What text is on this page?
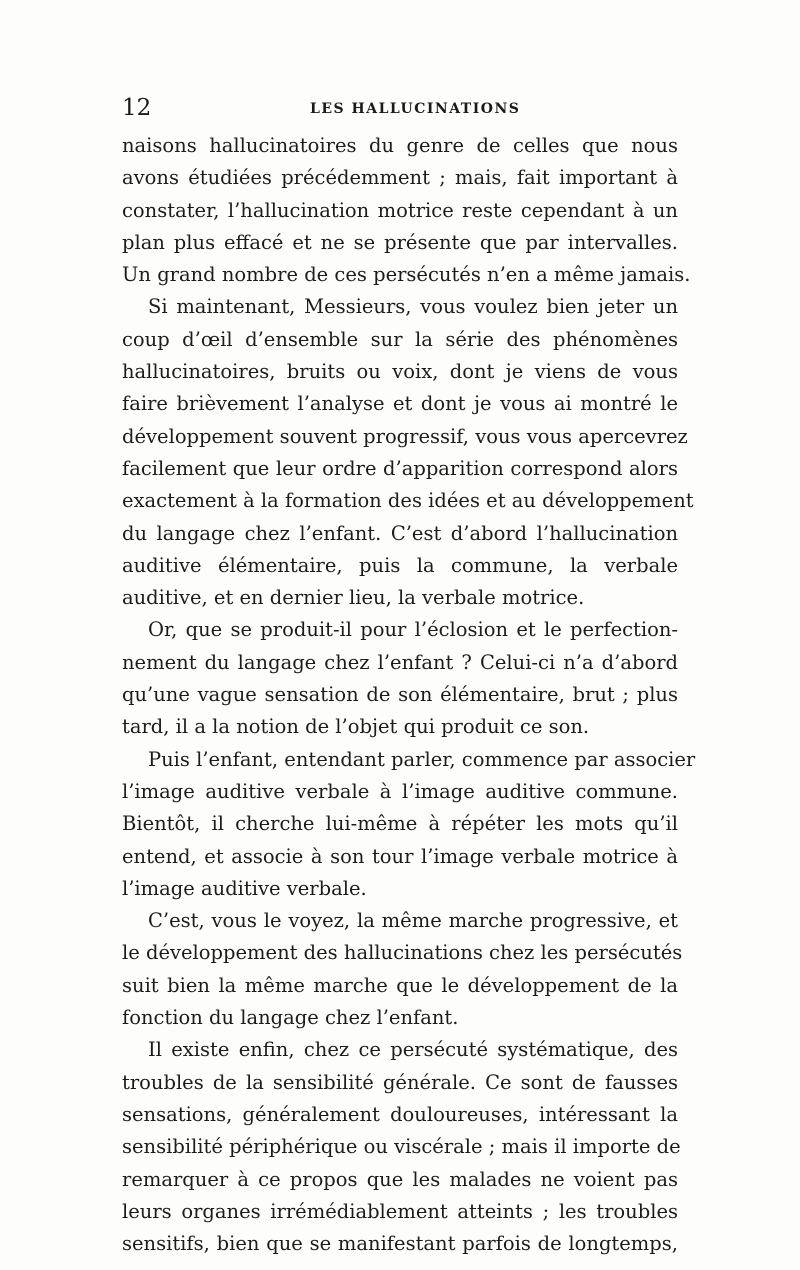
12	LES HALLUCINATIONS
naisons hallucinatoires du genre de celles que nous
avons étudiées précédemment ; mais, fait important à
constater, l’hallucination motrice reste cependant à un
plan plus effacé et ne se présente que par intervalles.
Un grand nombre de ces persécutés n’en a même jamais.
Si maintenant, Messieurs, vous voulez bien jeter un
coup d’œil d’ensemble sur la série des phénomènes
hallucinatoires, bruits ou voix, dont je viens de vous
faire brièvement l’analyse et dont je vous ai montré le
développement souvent progressif, vous vous apercevrez
facilement que leur ordre d’apparition correspond alors
exactement à la formation des idées et au développement
du langage chez l’enfant. C’est d’abord l’hallucination
auditive élémentaire, puis la commune, la verbale
auditive, et en dernier lieu, la verbale motrice.
Or, que se produit-il pour l’éclosion et le perfection-
nement du langage chez l’enfant ? Celui-ci n’a d’abord
qu’une vague sensation de son élémentaire, brut ; plus
tard, il a la notion de l’objet qui produit ce son.
Puis l’enfant, entendant parler, commence par associer
l’image auditive verbale à l’image auditive commune.
Bientôt, il cherche lui-même à répéter les mots qu’il
entend, et associe à son tour l’image verbale motrice à
l’image auditive verbale.
C’est, vous le voyez, la même marche progressive, et
le développement des hallucinations chez les persécutés
suit bien la même marche que le développement de la
fonction du langage chez l’enfant.
Il existe enfin, chez ce persécuté systématique, des
troubles de la sensibilité générale. Ce sont de fausses
sensations, généralement douloureuses, intéressant la
sensibilité périphérique ou viscérale ; mais il importe de
remarquer à ce propos que les malades ne voient pas
leurs organes irrémédiablement atteints ; les troubles
sensitifs, bien que se manifestant parfois de longtemps,
